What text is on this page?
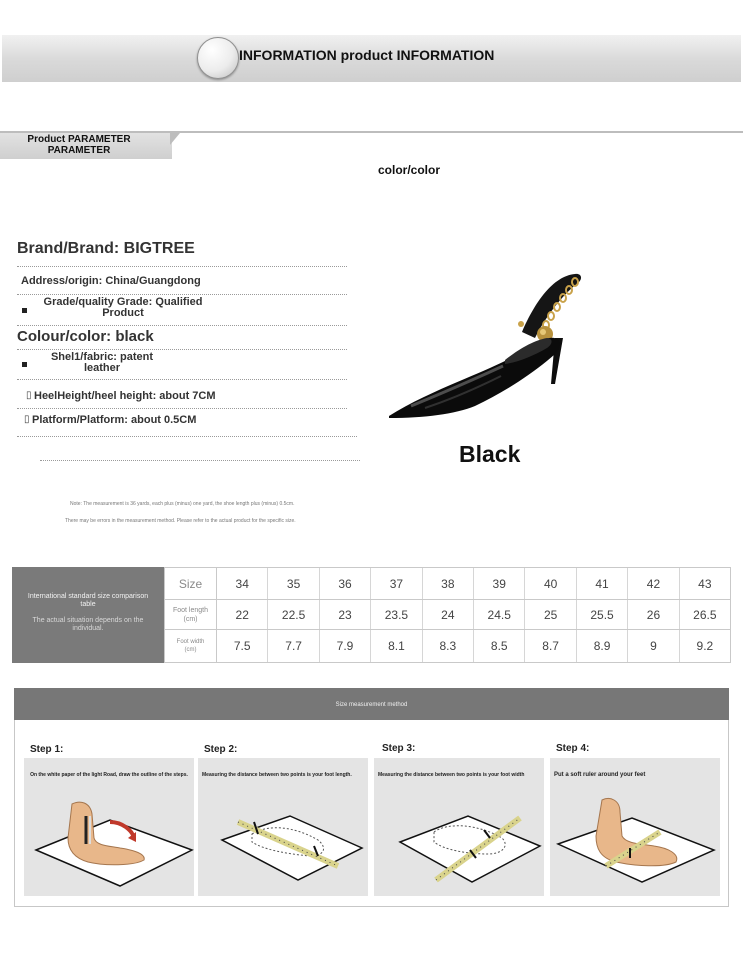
INFORMATION product INFORMATION
Product PARAMETER PARAMETER
color/color
Brand/Brand: BIGTREE
Address/origin: China/Guangdong
Grade/quality Grade: Qualified Product
Colour/color: black
Shel1/fabric: patent leather
▯ HeelHeight/heel height: about 7CM
▯ Platform/Platform: about 0.5CM
Note: The measurement is 36 yards, each plus (minus) one yard, the shoe length plus (minus) 0.5cm.
There may be errors in the measurement method. Please refer to the actual product for the specific size.
Black
International standard size comparison table
The actual situation depends on the individual.
Size	34	35	36	37	38	39	40	41	42	43
Foot length (cm)	22	22.5	23	23.5	24	24.5	25	25.5	26	26.5
Foot width (cm)	7.5	7.7	7.9	8.1	8.3	8.5	8.7	8.9	9	9.2
Size measurement method
Step 1:	Step 2:	Step 3:	Step 4:
On the white paper of the light Road, draw the outline of the steps.	Measuring the distance between two points is your foot length.	Measuring the distance between two points is your foot width	Put a soft ruler around your feet
